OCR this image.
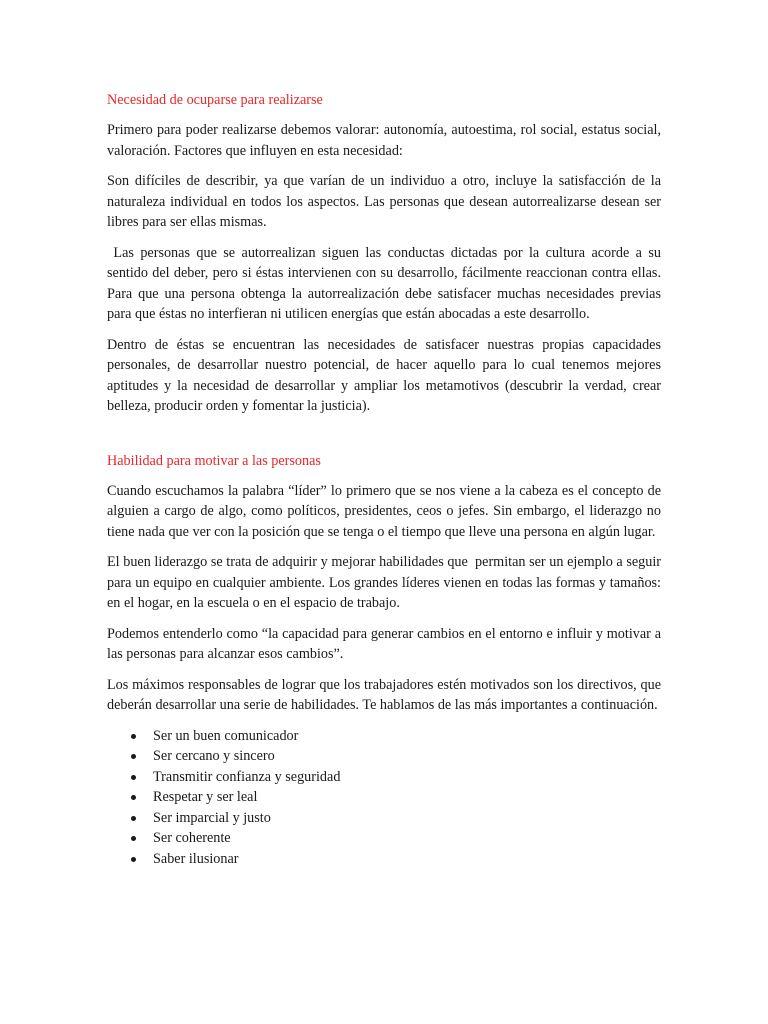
Necesidad de ocuparse para realizarse

Primero para poder realizarse debemos valorar: autonomía, autoestima, rol social, estatus social, valoración. Factores que influyen en esta necesidad:

Son difíciles de describir, ya que varían de un individuo a otro, incluye la satisfacción de la naturaleza individual en todos los aspectos. Las personas que desean autorrealizarse desean ser libres para ser ellas mismas.

Las personas que se autorrealizan siguen las conductas dictadas por la cultura acorde a su sentido del deber, pero si éstas intervienen con su desarrollo, fácilmente reaccionan contra ellas. Para que una persona obtenga la autorrealización debe satisfacer muchas necesidades previas para que éstas no interfieran ni utilicen energías que están abocadas a este desarrollo.

Dentro de éstas se encuentran las necesidades de satisfacer nuestras propias capacidades personales, de desarrollar nuestro potencial, de hacer aquello para lo cual tenemos mejores aptitudes y la necesidad de desarrollar y ampliar los metamotivos (descubrir la verdad, crear belleza, producir orden y fomentar la justicia).

Habilidad para motivar a las personas

Cuando escuchamos la palabra “líder” lo primero que se nos viene a la cabeza es el concepto de alguien a cargo de algo, como políticos, presidentes, ceos o jefes. Sin embargo, el liderazgo no tiene nada que ver con la posición que se tenga o el tiempo que lleve una persona en algún lugar.

El buen liderazgo se trata de adquirir y mejorar habilidades que  permitan ser un ejemplo a seguir para un equipo en cualquier ambiente. Los grandes líderes vienen en todas las formas y tamaños: en el hogar, en la escuela o en el espacio de trabajo.

Podemos entenderlo como “la capacidad para generar cambios en el entorno e influir y motivar a las personas para alcanzar esos cambios”.

Los máximos responsables de lograr que los trabajadores estén motivados son los directivos, que deberán desarrollar una serie de habilidades. Te hablamos de las más importantes a continuación.

Ser un buen comunicador
Ser cercano y sincero
Transmitir confianza y seguridad
Respetar y ser leal
Ser imparcial y justo
Ser coherente
Saber ilusionar
